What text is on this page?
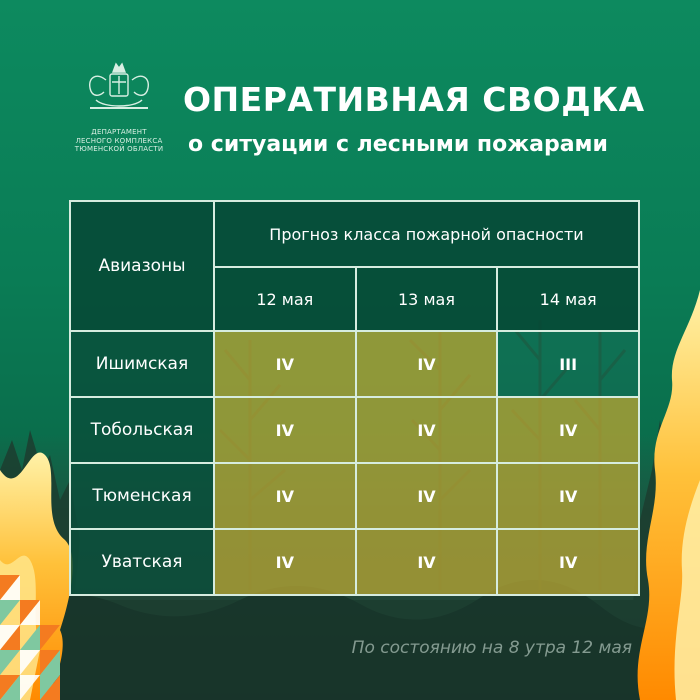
ДЕПАРТАМЕНТ
ЛЕСНОГО КОМПЛЕКСА
ТЮМЕНСКОЙ ОБЛАСТИ
ОПЕРАТИВНАЯ СВОДКА
о ситуации с лесными пожарами
Авиазоны	Прогноз класса пожарной опасности		
	12 мая	13 мая	14 мая
Ишимская	IV	IV	III
Тобольская	IV	IV	IV
Тюменская	IV	IV	IV
Уватская	IV	IV	IV

По состоянию на 8 утра 12 мая
